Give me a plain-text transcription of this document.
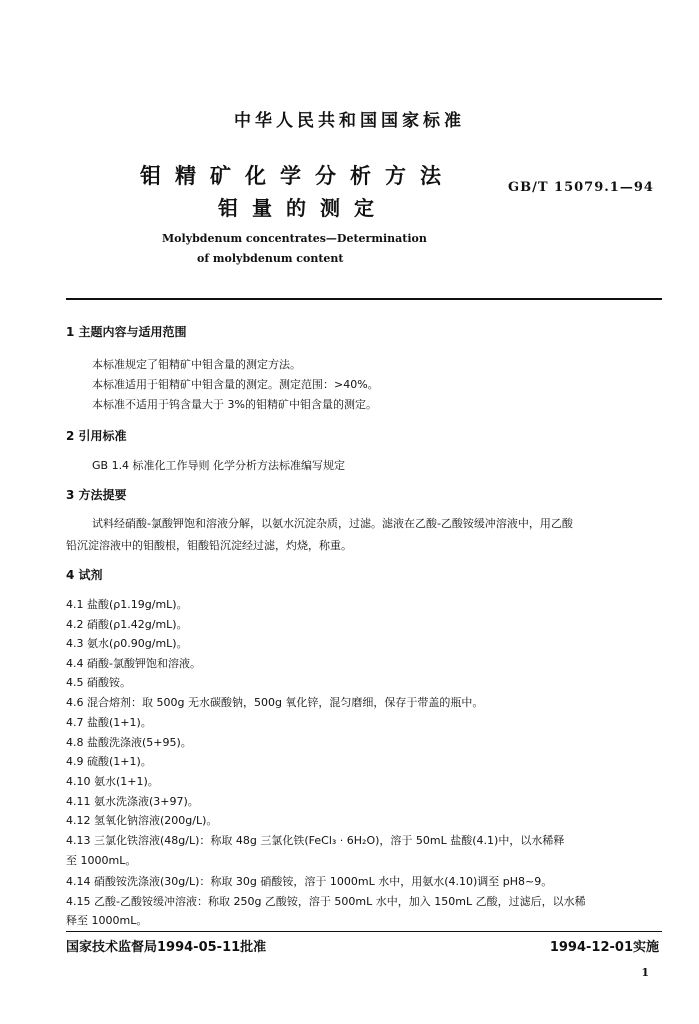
中华人民共和国国家标准
钼精矿化学分析方法
钼量的测定
GB/T 15079.1—94
Molybdenum concentrates—Determination
of molybdenum content
1 主题内容与适用范围
本标准规定了钼精矿中钼含量的测定方法。
本标准适用于钼精矿中钼含量的测定。测定范围：>40%。
本标准不适用于钨含量大于 3%的钼精矿中钼含量的测定。
2 引用标准
GB 1.4 标准化工作导则 化学分析方法标准编写规定
3 方法提要
试料经硝酸-氯酸钾饱和溶液分解，以氨水沉淀杂质，过滤。滤液在乙酸-乙酸铵缓冲溶液中，用乙酸
铅沉淀溶液中的钼酸根，钼酸铅沉淀经过滤，灼烧，称重。
4 试剂
4.1 盐酸(ρ1.19g/mL)。
4.2 硝酸(ρ1.42g/mL)。
4.3 氨水(ρ0.90g/mL)。
4.4 硝酸-氯酸钾饱和溶液。
4.5 硝酸铵。
4.6 混合熔剂：取 500g 无水碳酸钠，500g 氧化锌，混匀磨细，保存于带盖的瓶中。
4.7 盐酸(1+1)。
4.8 盐酸洗涤液(5+95)。
4.9 硫酸(1+1)。
4.10 氨水(1+1)。
4.11 氨水洗涤液(3+97)。
4.12 氢氧化钠溶液(200g/L)。
4.13 三氯化铁溶液(48g/L)：称取 48g 三氯化铁(FeCl₃ · 6H₂O)，溶于 50mL 盐酸(4.1)中，以水稀释
至 1000mL。
4.14 硝酸铵洗涤液(30g/L)：称取 30g 硝酸铵，溶于 1000mL 水中，用氨水(4.10)调至 pH8~9。
4.15 乙酸-乙酸铵缓冲溶液：称取 250g 乙酸铵，溶于 500mL 水中，加入 150mL 乙酸，过滤后，以水稀
释至 1000mL。
国家技术监督局1994-05-11批准	1994-12-01实施
1
